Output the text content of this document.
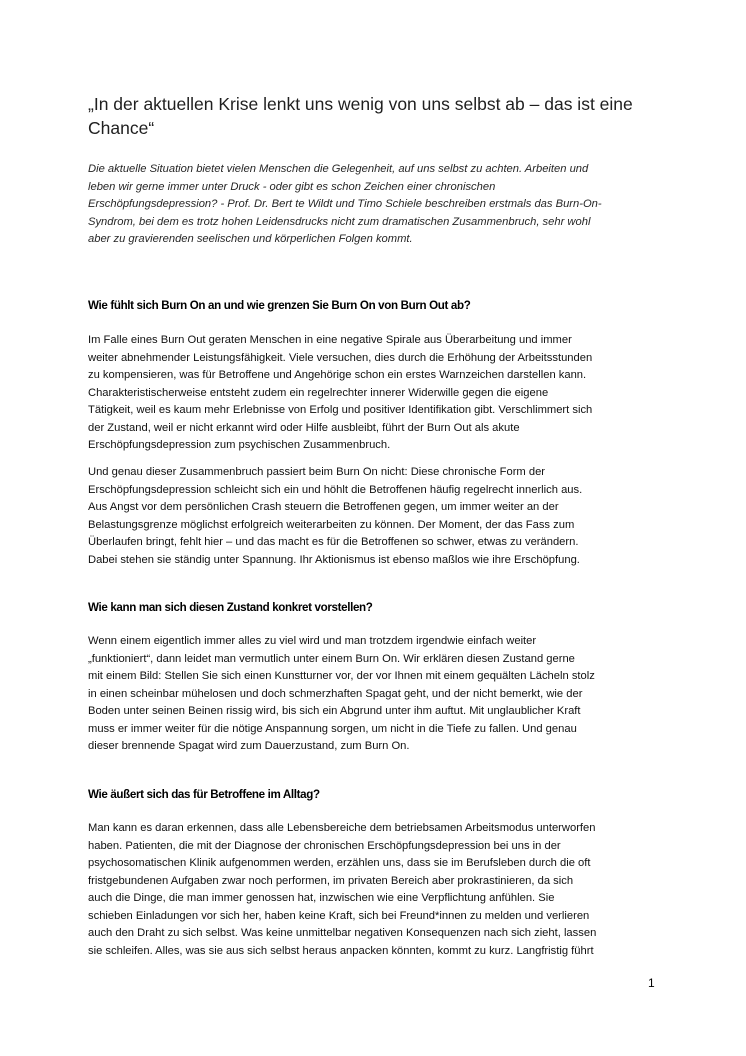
„In der aktuellen Krise lenkt uns wenig von uns selbst ab – das ist eine
Chance“
Die aktuelle Situation bietet vielen Menschen die Gelegenheit, auf uns selbst zu achten. Arbeiten und
leben wir gerne immer unter Druck - oder gibt es schon Zeichen einer chronischen
Erschöpfungsdepression? - Prof. Dr. Bert te Wildt und Timo Schiele beschreiben erstmals das Burn-On-
Syndrom, bei dem es trotz hohen Leidensdrucks nicht zum dramatischen Zusammenbruch, sehr wohl
aber zu gravierenden seelischen und körperlichen Folgen kommt.
Wie fühlt sich Burn On an und wie grenzen Sie Burn On von Burn Out ab?
Im Falle eines Burn Out geraten Menschen in eine negative Spirale aus Überarbeitung und immer
weiter abnehmender Leistungsfähigkeit. Viele versuchen, dies durch die Erhöhung der Arbeitsstunden
zu kompensieren, was für Betroffene und Angehörige schon ein erstes Warnzeichen darstellen kann.
Charakteristischerweise entsteht zudem ein regelrechter innerer Widerwille gegen die eigene
Tätigkeit, weil es kaum mehr Erlebnisse von Erfolg und positiver Identifikation gibt. Verschlimmert sich
der Zustand, weil er nicht erkannt wird oder Hilfe ausbleibt, führt der Burn Out als akute
Erschöpfungsdepression zum psychischen Zusammenbruch.
Und genau dieser Zusammenbruch passiert beim Burn On nicht: Diese chronische Form der
Erschöpfungsdepression schleicht sich ein und höhlt die Betroffenen häufig regelrecht innerlich aus.
Aus Angst vor dem persönlichen Crash steuern die Betroffenen gegen, um immer weiter an der
Belastungsgrenze möglichst erfolgreich weiterarbeiten zu können. Der Moment, der das Fass zum
Überlaufen bringt, fehlt hier – und das macht es für die Betroffenen so schwer, etwas zu verändern.
Dabei stehen sie ständig unter Spannung. Ihr Aktionismus ist ebenso maßlos wie ihre Erschöpfung.
Wie kann man sich diesen Zustand konkret vorstellen?
Wenn einem eigentlich immer alles zu viel wird und man trotzdem irgendwie einfach weiter
„funktioniert“, dann leidet man vermutlich unter einem Burn On. Wir erklären diesen Zustand gerne
mit einem Bild: Stellen Sie sich einen Kunstturner vor, der vor Ihnen mit einem gequälten Lächeln stolz
in einen scheinbar mühelosen und doch schmerzhaften Spagat geht, und der nicht bemerkt, wie der
Boden unter seinen Beinen rissig wird, bis sich ein Abgrund unter ihm auftut. Mit unglaublicher Kraft
muss er immer weiter für die nötige Anspannung sorgen, um nicht in die Tiefe zu fallen. Und genau
dieser brennende Spagat wird zum Dauerzustand, zum Burn On.
Wie äußert sich das für Betroffene im Alltag?
Man kann es daran erkennen, dass alle Lebensbereiche dem betriebsamen Arbeitsmodus unterworfen
haben. Patienten, die mit der Diagnose der chronischen Erschöpfungsdepression bei uns in der
psychosomatischen Klinik aufgenommen werden, erzählen uns, dass sie im Berufsleben durch die oft
fristgebundenen Aufgaben zwar noch performen, im privaten Bereich aber prokrastinieren, da sich
auch die Dinge, die man immer genossen hat, inzwischen wie eine Verpflichtung anfühlen. Sie
schieben Einladungen vor sich her, haben keine Kraft, sich bei Freund*innen zu melden und verlieren
auch den Draht zu sich selbst. Was keine unmittelbar negativen Konsequenzen nach sich zieht, lassen
sie schleifen. Alles, was sie aus sich selbst heraus anpacken könnten, kommt zu kurz. Langfristig führt
1
